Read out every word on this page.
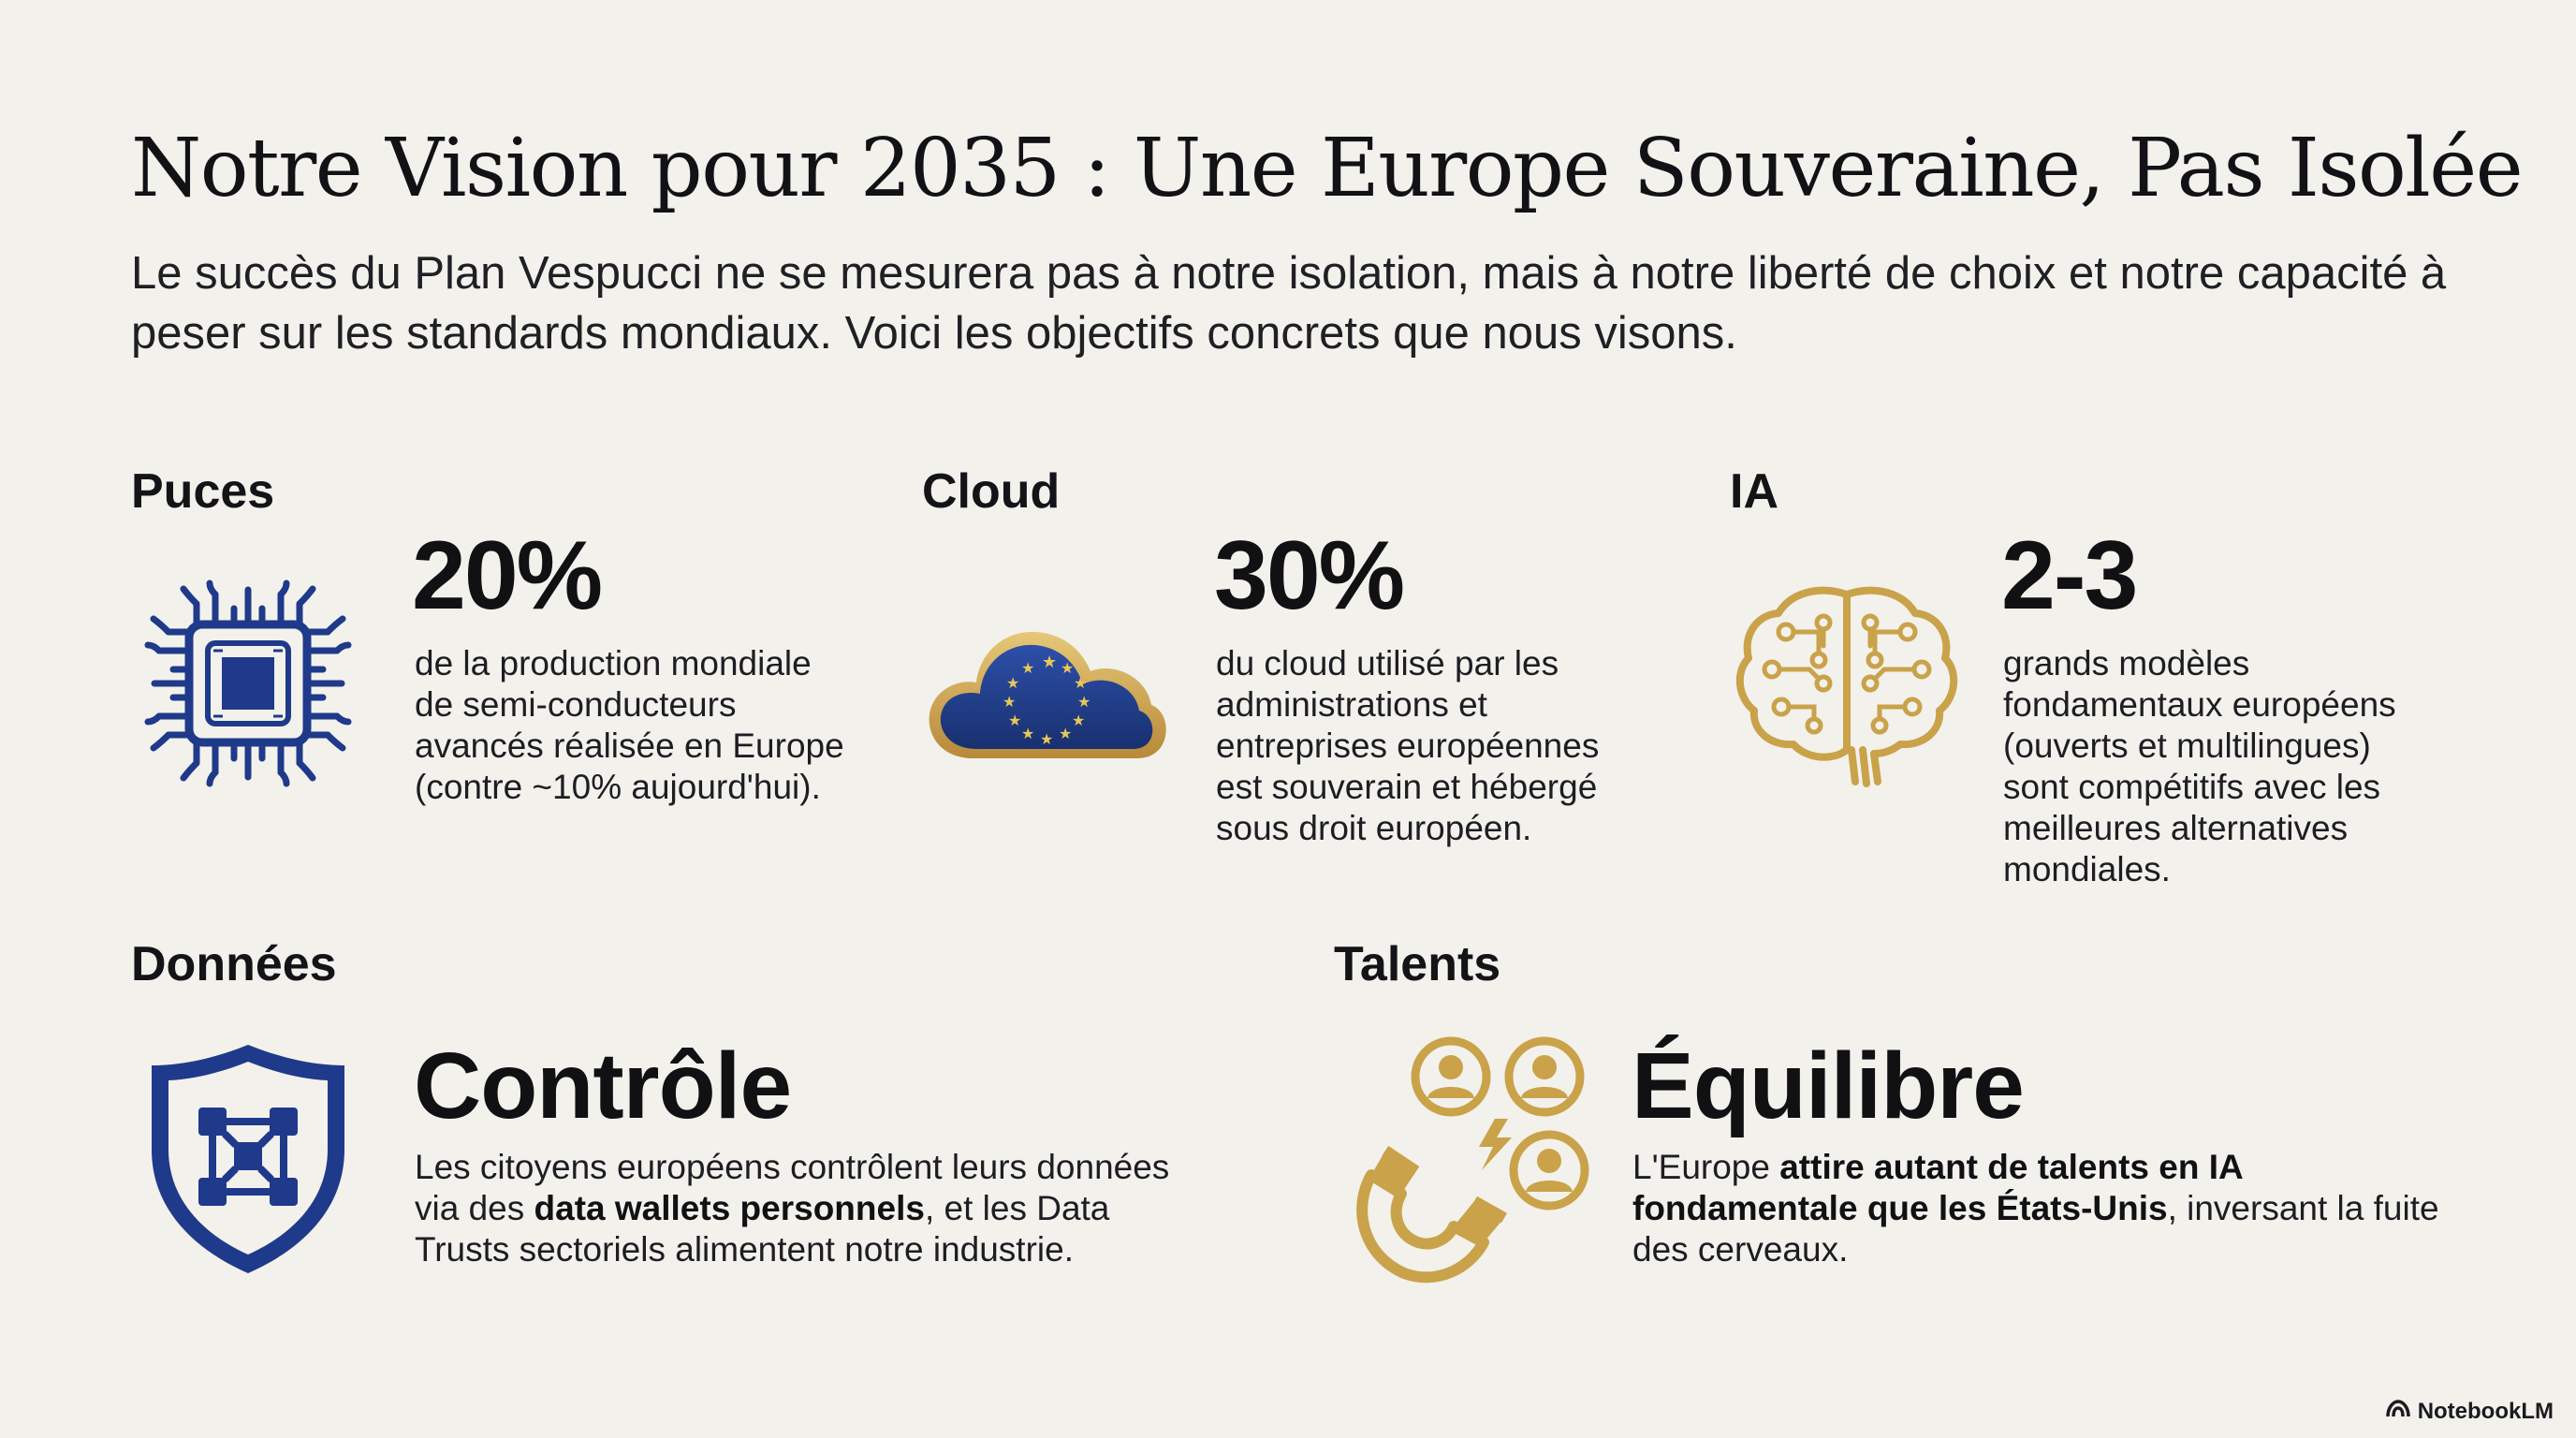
Notre Vision pour 2035 : Une Europe Souveraine, Pas Isolée

Le succès du Plan Vespucci ne se mesurera pas à notre isolation, mais à notre liberté de choix et notre capacité à peser sur les standards mondiaux. Voici les objectifs concrets que nous visons.

Puces
20%
de la production mondiale de semi-conducteurs avancés réalisée en Europe (contre ~10% aujourd'hui).
Cloud
★ ★
★
★
★
★
★
★
★
★
★
★
30%
du cloud utilisé par les administrations et entreprises européennes est souverain et hébergé sous droit européen.
IA
2-3
grands modèles fondamentaux européens (ouverts et multilingues) sont compétitifs avec les meilleures alternatives mondiales.
Données
Contrôle
Les citoyens européens contrôlent leurs données via des data wallets personnels, et les Data Trusts sectoriels alimentent notre industrie.
Talents
Équilibre
L'Europe attire autant de talents en IA fondamentale que les États-Unis, inversant la fuite des cerveaux.
NotebookLM
